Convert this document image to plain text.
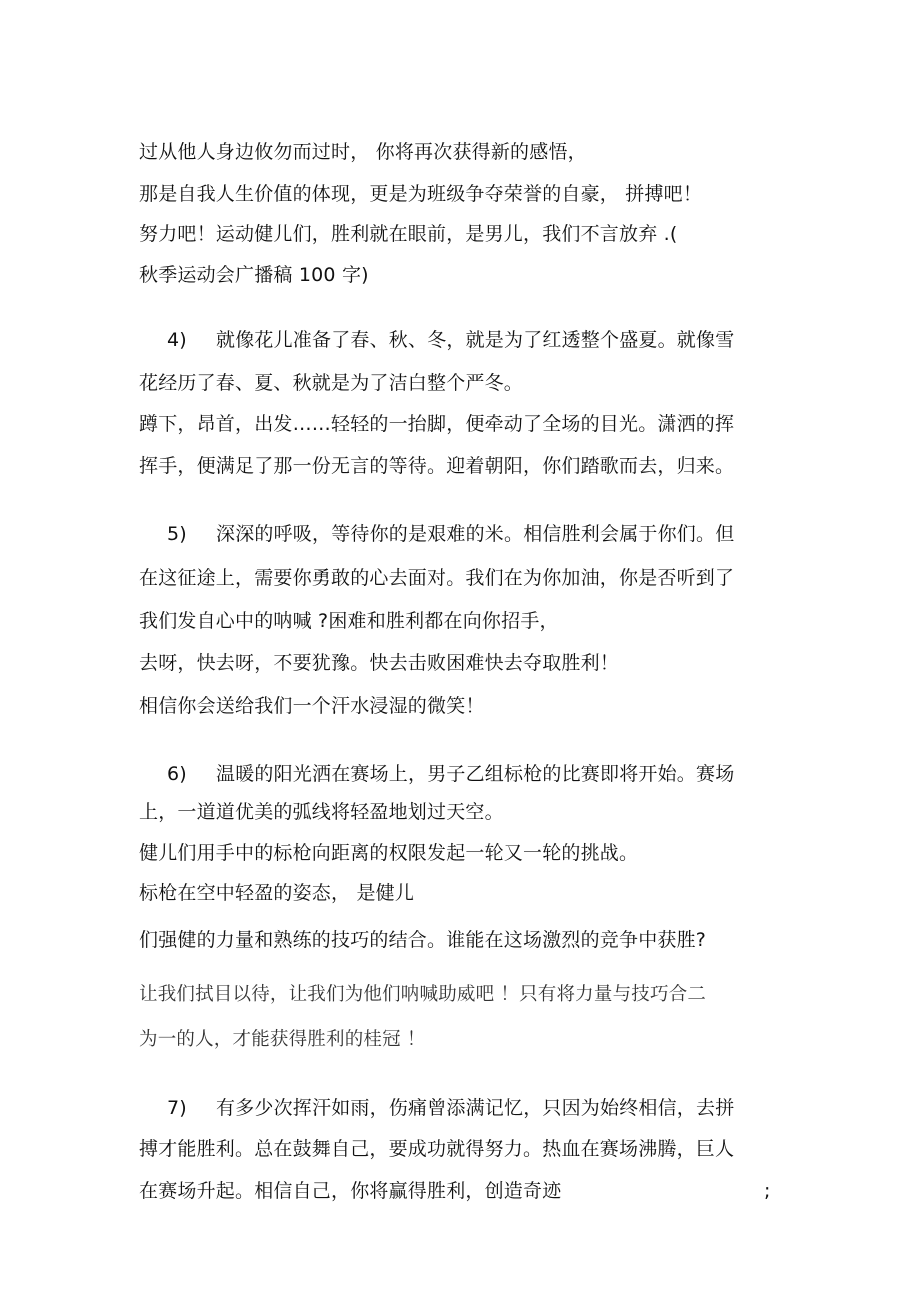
过从他人身边攸勿而过时， 你将再次获得新的感悟，
那是自我人生价值的体现，更是为班级争夺荣誉的自豪， 拼搏吧！
努力吧！运动健儿们，胜利就在眼前，是男儿，我们不言放弃 .(
秋季运动会广播稿 100 字)
4) 就像花儿准备了春、秋、冬，就是为了红透整个盛夏。就像雪
花经历了春、夏、秋就是为了洁白整个严冬。
蹲下，昂首，出发……轻轻的一抬脚，便牵动了全场的目光。潇洒的挥
挥手，便满足了那一份无言的等待。迎着朝阳，你们踏歌而去，归来。
5) 深深的呼吸，等待你的是艰难的米。相信胜利会属于你们。但
在这征途上，需要你勇敢的心去面对。我们在为你加油，你是否听到了
我们发自心中的呐喊 ?困难和胜利都在向你招手，
去呀，快去呀，不要犹豫。快去击败困难快去夺取胜利！
相信你会送给我们一个汗水浸湿的微笑！
6) 温暖的阳光洒在赛场上，男子乙组标枪的比赛即将开始。赛场
上，一道道优美的弧线将轻盈地划过天空。
健儿们用手中的标枪向距离的权限发起一轮又一轮的挑战。
标枪在空中轻盈的姿态， 是健儿
们强健的力量和熟练的技巧的结合。谁能在这场激烈的竞争中获胜?
让我们拭目以待，让我们为他们呐喊助威吧 ！只有将力量与技巧合二
为一的人，才能获得胜利的桂冠 ！
7) 有多少次挥汗如雨，伤痛曾添满记忆，只因为始终相信，去拼
搏才能胜利。总在鼓舞自己，要成功就得努力。热血在赛场沸腾，巨人
在赛场升起。相信自己，你将赢得胜利，创造奇迹	;
